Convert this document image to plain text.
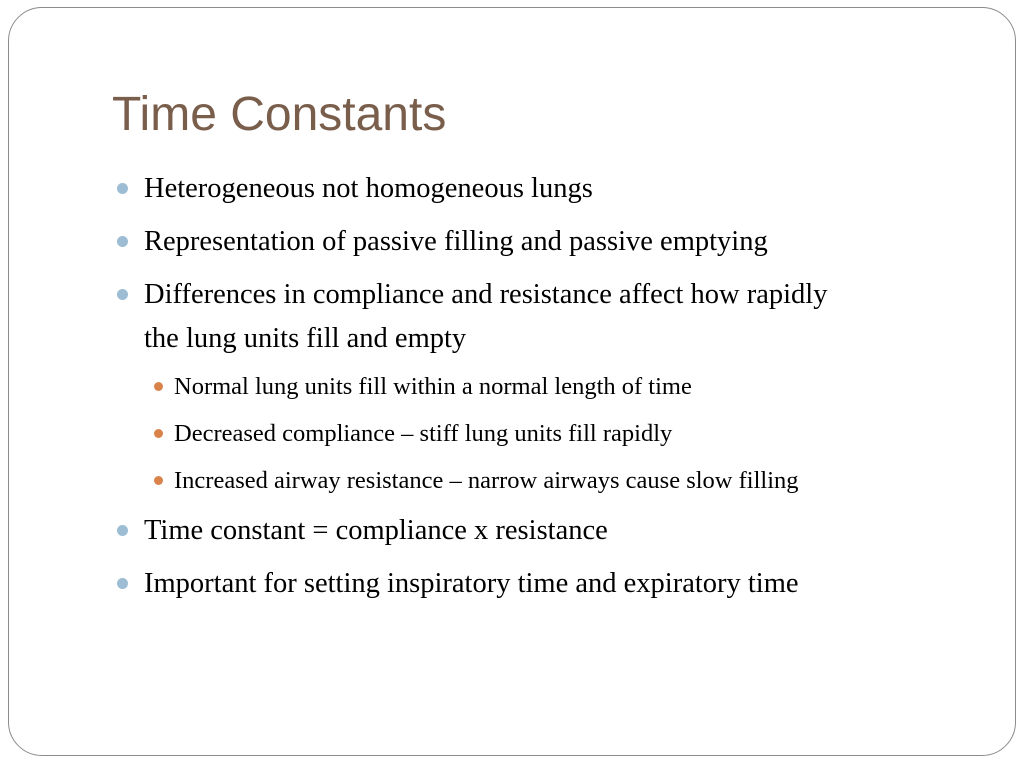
Time Constants
Heterogeneous not homogeneous lungs
Representation of passive filling and passive emptying
Differences in compliance and resistance affect how rapidly
the lung units fill and empty
Normal lung units fill within a normal length of time
Decreased compliance – stiff lung units fill rapidly
Increased airway resistance – narrow airways cause slow filling
Time constant = compliance x resistance
Important for setting inspiratory time and expiratory time
